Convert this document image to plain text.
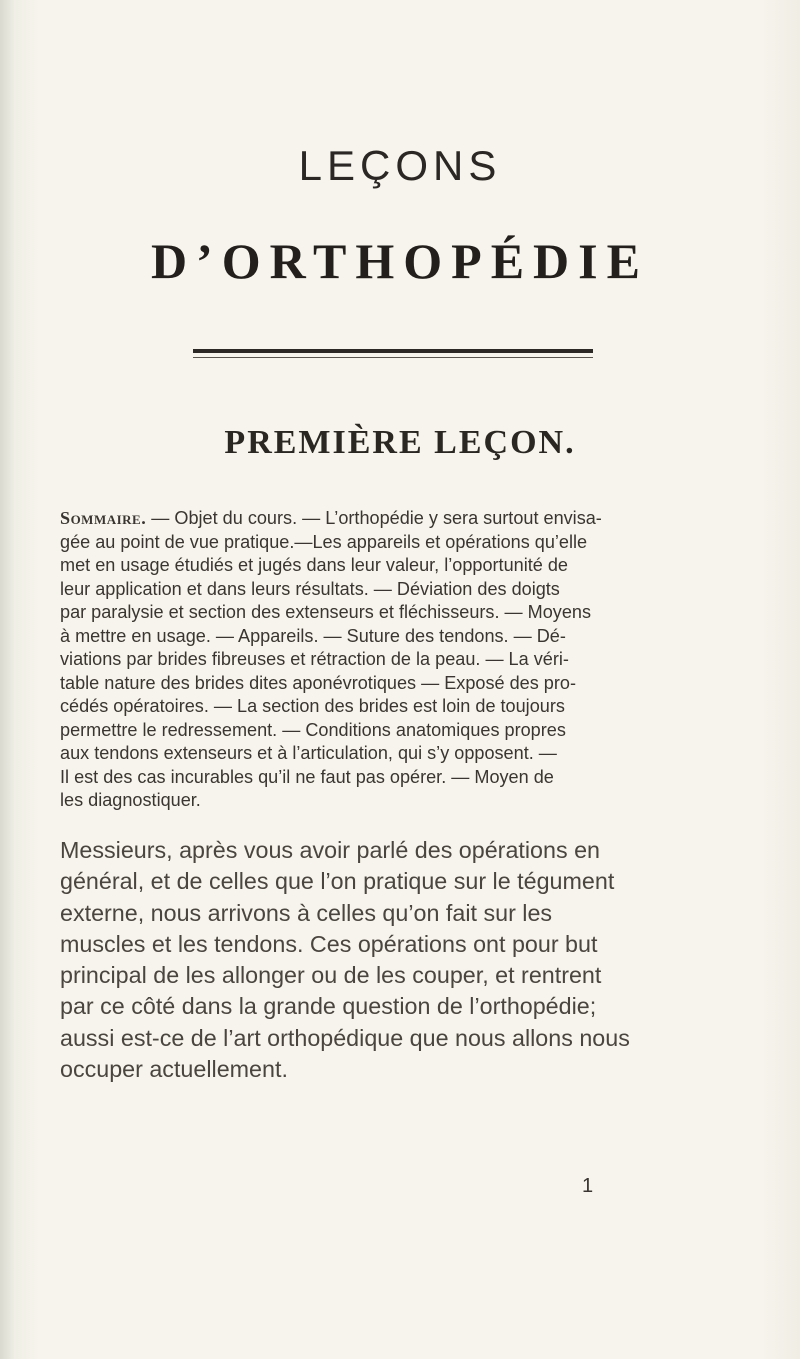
LEÇONS
D’ORTHOPÉDIE
PREMIÈRE LEÇON.
Sommaire. — Objet du cours. — L’orthopédie y sera surtout envisa-
gée au point de vue pratique.—Les appareils et opérations qu’elle
met en usage étudiés et jugés dans leur valeur, l’opportunité de
leur application et dans leurs résultats. — Déviation des doigts
par paralysie et section des extenseurs et fléchisseurs. — Moyens
à mettre en usage. — Appareils. — Suture des tendons. — Dé-
viations par brides fibreuses et rétraction de la peau. — La véri-
table nature des brides dites aponévrotiques — Exposé des pro-
cédés opératoires. — La section des brides est loin de toujours
permettre le redressement. — Conditions anatomiques propres
aux tendons extenseurs et à l’articulation, qui s’y opposent. —
Il est des cas incurables qu’il ne faut pas opérer. — Moyen de
les diagnostiquer.
Messieurs, après vous avoir parlé des opérations en
général, et de celles que l’on pratique sur le tégument
externe, nous arrivons à celles qu’on fait sur les
muscles et les tendons. Ces opérations ont pour but
principal de les allonger ou de les couper, et rentrent
par ce côté dans la grande question de l’orthopédie;
aussi est-ce de l’art orthopédique que nous allons nous
occuper actuellement.
1
